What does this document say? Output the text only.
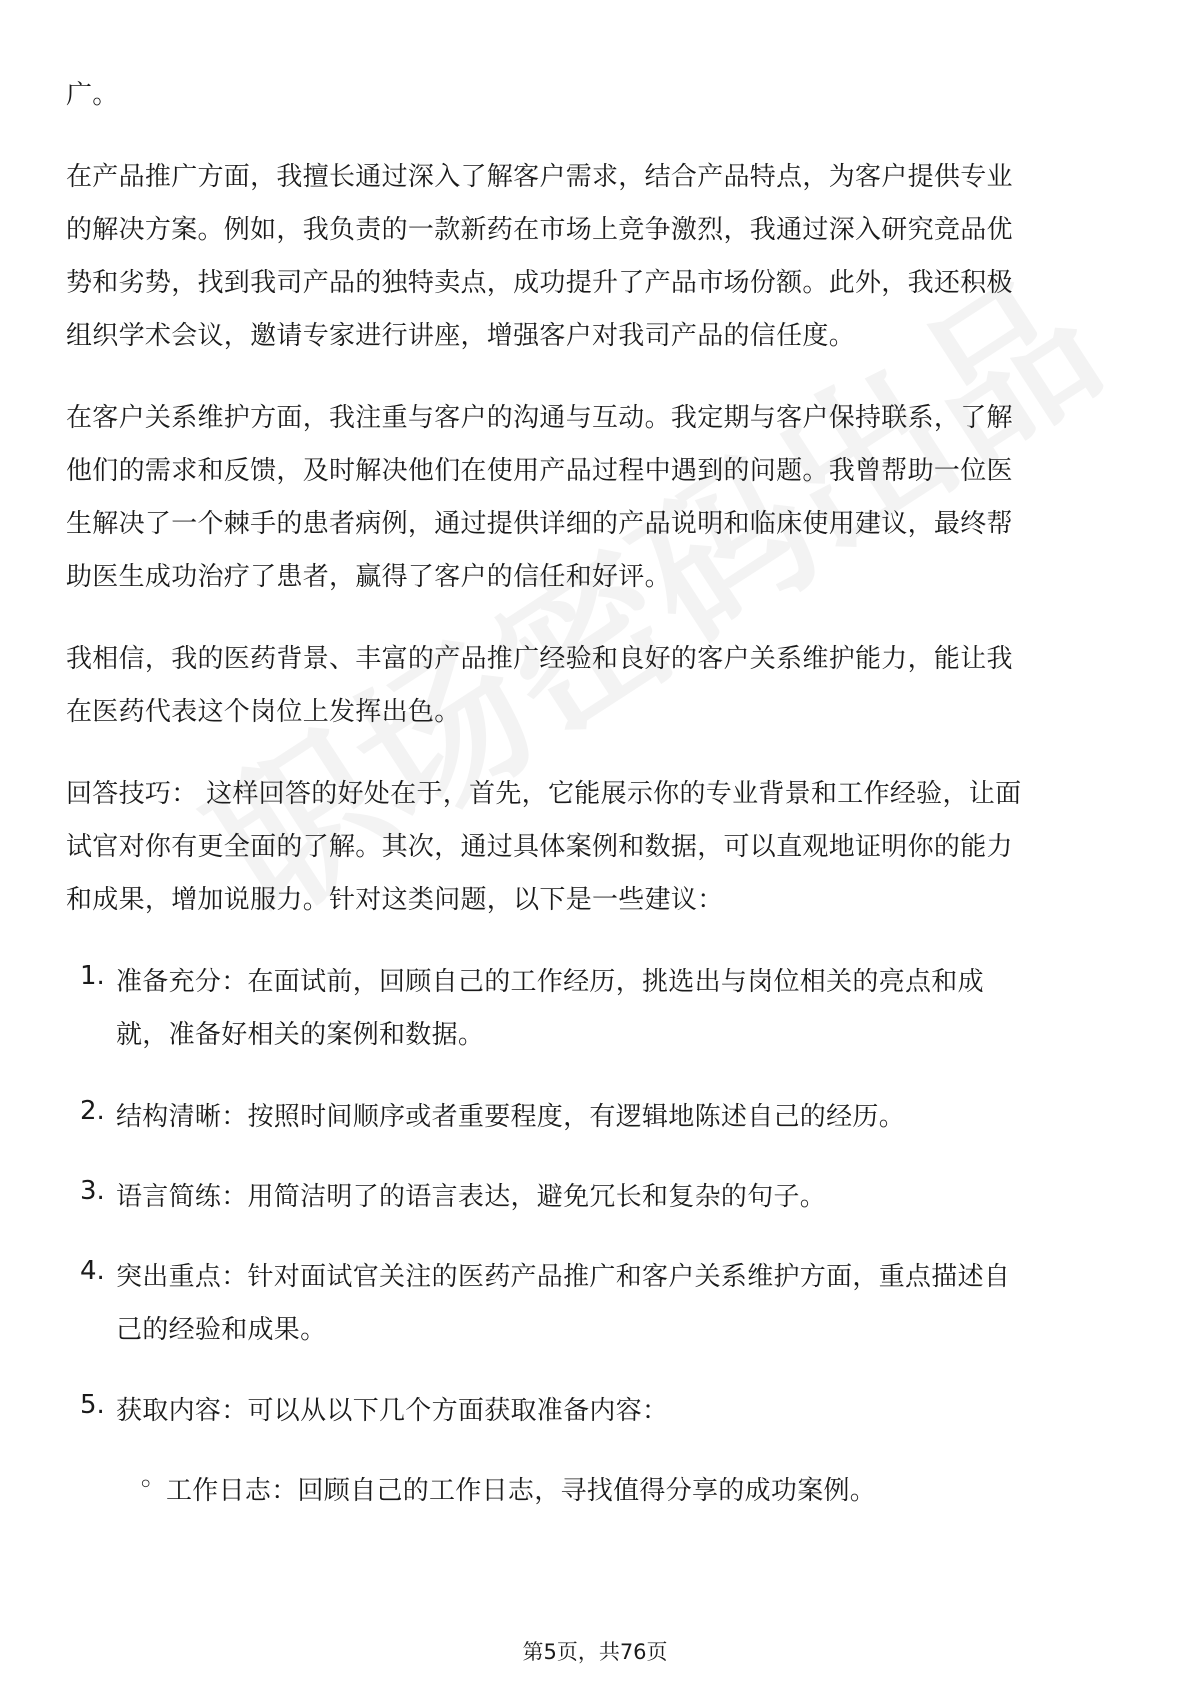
广。
在产品推广方面，我擅长通过深入了解客户需求，结合产品特点，为客户提供专业
的解决方案。例如，我负责的一款新药在市场上竞争激烈，我通过深入研究竞品优
势和劣势，找到我司产品的独特卖点，成功提升了产品市场份额。此外，我还积极
组织学术会议，邀请专家进行讲座，增强客户对我司产品的信任度。
在客户关系维护方面，我注重与客户的沟通与互动。我定期与客户保持联系，了解
他们的需求和反馈，及时解决他们在使用产品过程中遇到的问题。我曾帮助一位医
生解决了一个棘手的患者病例，通过提供详细的产品说明和临床使用建议，最终帮
助医生成功治疗了患者，赢得了客户的信任和好评。
我相信，我的医药背景、丰富的产品推广经验和良好的客户关系维护能力，能让我
在医药代表这个岗位上发挥出色。
回答技巧： 这样回答的好处在于，首先，它能展示你的专业背景和工作经验，让面
试官对你有更全面的了解。其次，通过具体案例和数据，可以直观地证明你的能力
和成果，增加说服力。针对这类问题，以下是一些建议：
1. 准备充分：在面试前，回顾自己的工作经历，挑选出与岗位相关的亮点和成
就，准备好相关的案例和数据。
2. 结构清晰：按照时间顺序或者重要程度，有逻辑地陈述自己的经历。
3. 语言简练：用简洁明了的语言表达，避免冗长和复杂的句子。
4. 突出重点：针对面试官关注的医药产品推广和客户关系维护方面，重点描述自
己的经验和成果。
5. 获取内容：可以从以下几个方面获取准备内容：
◦ 工作日志：回顾自己的工作日志，寻找值得分享的成功案例。
第5页，共76页
